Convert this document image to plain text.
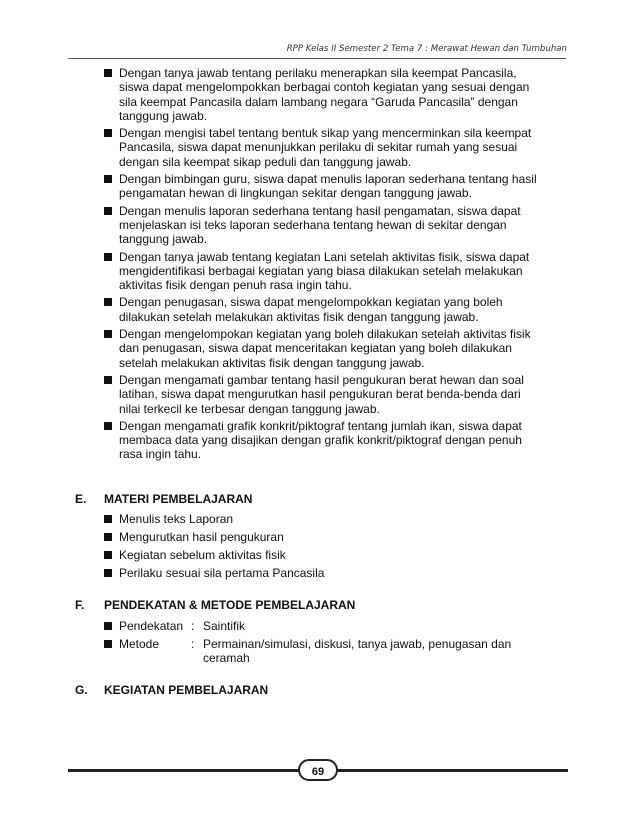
RPP Kelas II Semester 2 Tema 7 : Merawat Hewan dan Tumbuhan
Dengan tanya jawab tentang perilaku menerapkan sila keempat Pancasila, siswa dapat mengelompokkan berbagai contoh kegiatan yang sesuai dengan sila keempat Pancasila dalam lambang negara “Garuda Pancasila” dengan tanggung jawab.
Dengan mengisi tabel tentang bentuk sikap yang mencerminkan sila keempat Pancasila, siswa dapat menunjukkan perilaku di sekitar rumah yang sesuai dengan sila keempat sikap peduli dan tanggung jawab.
Dengan bimbingan guru, siswa dapat menulis laporan sederhana tentang hasil pengamatan hewan di lingkungan sekitar dengan tanggung jawab.
Dengan menulis laporan sederhana tentang hasil pengamatan, siswa dapat menjelaskan isi teks laporan sederhana tentang hewan di sekitar dengan tanggung jawab.
Dengan tanya jawab tentang kegiatan Lani setelah aktivitas fisik, siswa dapat mengidentifikasi berbagai kegiatan yang biasa dilakukan setelah melakukan aktivitas fisik dengan penuh rasa ingin tahu.
Dengan penugasan, siswa dapat mengelompokkan kegiatan yang boleh dilakukan setelah melakukan aktivitas fisik dengan tanggung jawab.
Dengan mengelompokan kegiatan yang boleh dilakukan setelah aktivitas fisik dan penugasan, siswa dapat menceritakan kegiatan yang boleh dilakukan setelah melakukan aktivitas fisik dengan tanggung jawab.
Dengan mengamati gambar tentang hasil pengukuran berat hewan dan soal latihan, siswa dapat mengurutkan hasil pengukuran berat benda-benda dari nilai terkecil ke terbesar dengan tanggung jawab.
Dengan mengamati grafik konkrit/piktograf tentang jumlah ikan, siswa dapat membaca data yang disajikan dengan grafik konkrit/piktograf dengan penuh rasa ingin tahu.
E. MATERI PEMBELAJARAN
Menulis teks Laporan
Mengurutkan hasil pengukuran
Kegiatan sebelum aktivitas fisik
Perilaku sesuai sila pertama Pancasila
F. PENDEKATAN & METODE PEMBELAJARAN
Pendekatan : Saintifik
Metode	: Permainan/simulasi, diskusi, tanya jawab, penugasan dan ceramah
G. KEGIATAN PEMBELAJARAN
69
